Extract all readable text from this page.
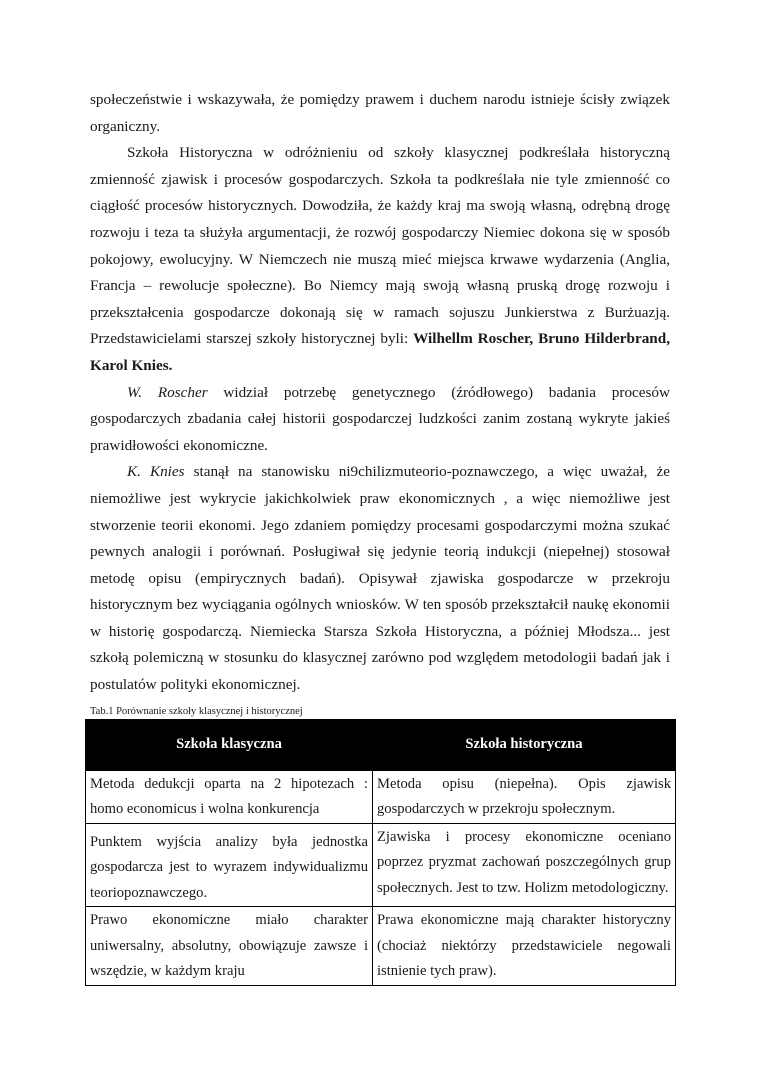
społeczeństwie i wskazywała, że pomiędzy prawem i duchem narodu istnieje ścisły związek organiczny.

Szkoła Historyczna w odróżnieniu od szkoły klasycznej podkreślała historyczną zmienność zjawisk i procesów gospodarczych. Szkoła ta podkreślała nie tyle zmienność co ciągłość procesów historycznych. Dowodziła, że każdy kraj ma swoją własną, odrębną drogę rozwoju i teza ta służyła argumentacji, że rozwój gospodarczy Niemiec dokona się w sposób pokojowy, ewolucyjny. W Niemczech nie muszą mieć miejsca krwawe wydarzenia (Anglia, Francja – rewolucje społeczne). Bo Niemcy mają swoją własną pruską drogę rozwoju i przekształcenia gospodarcze dokonają się w ramach sojuszu Junkierstwa z Burżuazją. Przedstawicielami starszej szkoły historycznej byli: Wilhellm Roscher, Bruno Hilderbrand, Karol Knies.

W. Roscher widział potrzebę genetycznego (źródłowego) badania procesów gospodarczych zbadania całej historii gospodarczej ludzkości zanim zostaną wykryte jakieś prawidłowości ekonomiczne.

K. Knies stanął na stanowisku ni9chilizmuteorio-poznawczego, a więc uważał, że niemożliwe jest wykrycie jakichkolwiek praw ekonomicznych , a więc niemożliwe jest stworzenie teorii ekonomi. Jego zdaniem pomiędzy procesami gospodarczymi można szukać pewnych analogii i porównań. Posługiwał się jedynie teorią indukcji (niepełnej) stosował metodę opisu (empirycznych badań). Opisywał zjawiska gospodarcze w przekroju historycznym bez wyciągania ogólnych wniosków. W ten sposób przekształcił naukę ekonomii w historię gospodarczą. Niemiecka Starsza Szkoła Historyczna, a później Młodsza... jest szkołą polemiczną w stosunku do klasycznej zarówno pod względem metodologii badań jak i postulatów polityki ekonomicznej.

Tab.1 Porównanie szkoły klasycznej i historycznej
Szkoła klasyczna	Szkoła historyczna
Metoda dedukcji oparta na 2 hipotezach : homo economicus i wolna konkurencja	Metoda opisu (niepełna). Opis zjawisk gospodarczych w przekroju społecznym.
Punktem wyjścia analizy była jednostka gospodarcza jest to wyrazem indywidualizmu teoriopoznawczego.	Zjawiska i procesy ekonomiczne oceniano poprzez pryzmat zachowań poszczególnych grup społecznych. Jest to tzw. Holizm metodologiczny.
Prawo ekonomiczne miało charakter uniwersalny, absolutny, obowiązuje zawsze i wszędzie, w każdym kraju	Prawa ekonomiczne mają charakter historyczny (chociaż niektórzy przedstawiciele negowali istnienie tych praw).
